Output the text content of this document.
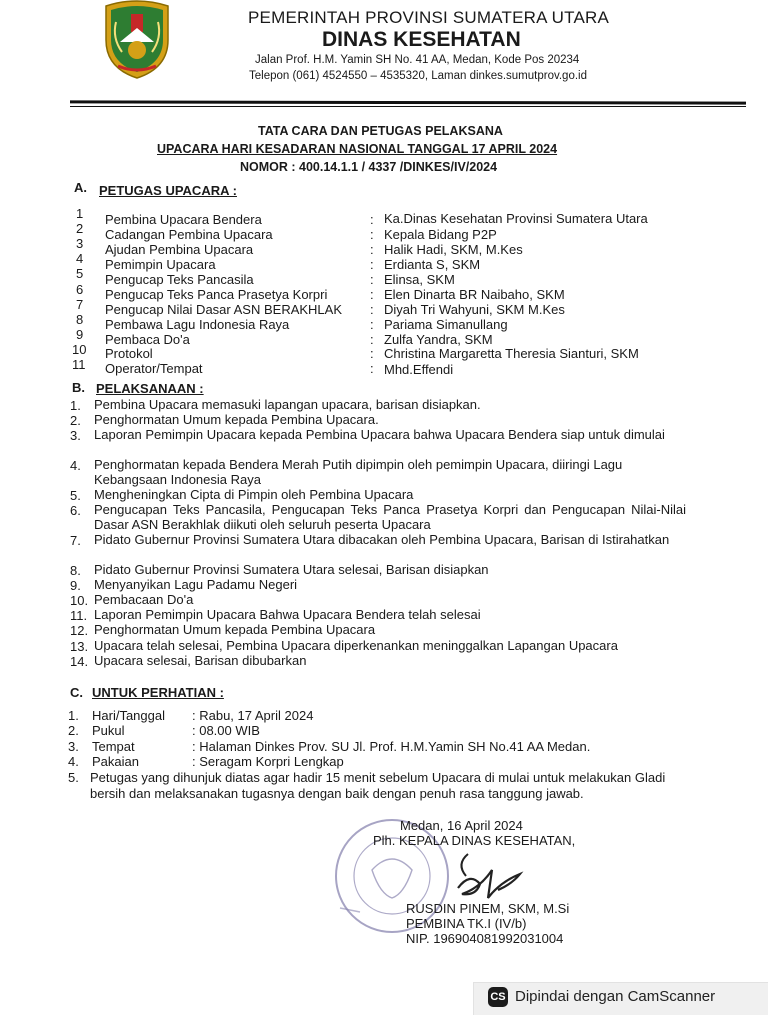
PEMERINTAH PROVINSI SUMATERA UTARA
DINAS KESEHATAN
Jalan Prof. H.M. Yamin SH No. 41 AA, Medan, Kode Pos 20234
Telepon (061) 4524550 – 4535320, Laman dinkes.sumutprov.go.id
TATA CARA DAN PETUGAS PELAKSANA
UPACARA HARI KESADARAN NASIONAL TANGGAL 17 APRIL 2024
NOMOR : 400.14.1.1 / 4337 /DINKES/IV/2024
A. PETUGAS UPACARA :
1 Pembina Upacara Bendera	: Ka.Dinas Kesehatan Provinsi Sumatera Utara
2 Cadangan Pembina Upacara	: Kepala Bidang P2P
3 Ajudan Pembina Upacara	: Halik Hadi, SKM, M.Kes
4 Pemimpin Upacara	: Erdianta S, SKM
5 Pengucap Teks Pancasila	: Elinsa, SKM
6 Pengucap Teks Panca Prasetya Korpri	: Elen Dinarta BR Naibaho, SKM
7 Pengucap Nilai Dasar ASN BERAKHLAK : Diyah Tri Wahyuni, SKM M.Kes
8 Pembawa Lagu Indonesia Raya	: Pariama Simanullang
9 Pembaca Do'a	: Zulfa Yandra, SKM
10 Protokol	: Christina Margaretta Theresia Sianturi, SKM
11 Operator/Tempat	: Mhd.Effendi
B. PELAKSANAAN :
1. Pembina Upacara memasuki lapangan upacara, barisan disiapkan.
2. Penghormatan Umum kepada Pembina Upacara.
3. Laporan Pemimpin Upacara kepada Pembina Upacara bahwa Upacara Bendera siap untuk dimulai
4. Penghormatan kepada Bendera Merah Putih dipimpin oleh pemimpin Upacara, diiringi Lagu Kebangsaan Indonesia Raya
5. Mengheningkan Cipta di Pimpin oleh Pembina Upacara
6. Pengucapan Teks Pancasila, Pengucapan Teks Panca Prasetya Korpri dan Pengucapan Nilai-Nilai Dasar ASN Berakhlak diikuti oleh seluruh peserta Upacara
7. Pidato Gubernur Provinsi Sumatera Utara dibacakan oleh Pembina Upacara, Barisan di Istirahatkan
8. Pidato Gubernur Provinsi Sumatera Utara selesai, Barisan disiapkan
9. Menyanyikan Lagu Padamu Negeri
10. Pembacaan Do'a
11. Laporan Pemimpin Upacara Bahwa Upacara Bendera telah selesai
12. Penghormatan Umum kepada Pembina Upacara
13. Upacara telah selesai, Pembina Upacara diperkenankan meninggalkan Lapangan Upacara
14. Upacara selesai, Barisan dibubarkan
C. UNTUK PERHATIAN :
1. Hari/Tanggal : Rabu, 17 April 2024
2. Pukul	: 08.00 WIB
3. Tempat	: Halaman Dinkes Prov. SU Jl. Prof. H.M.Yamin SH No.41 AA Medan.
4. Pakaian	: Seragam Korpri Lengkap
5. Petugas yang dihunjuk diatas agar hadir 15 menit sebelum Upacara di mulai untuk melakukan Gladi bersih dan melaksanakan tugasnya dengan baik dengan penuh rasa tanggung jawab.
Medan, 16 April 2024
Plh. KEPALA DINAS KESEHATAN,
RUSDIN PINEM, SKM, M.Si
PEMBINA TK.I (IV/b)
NIP. 196904081992031004
CS Dipindai dengan CamScanner
